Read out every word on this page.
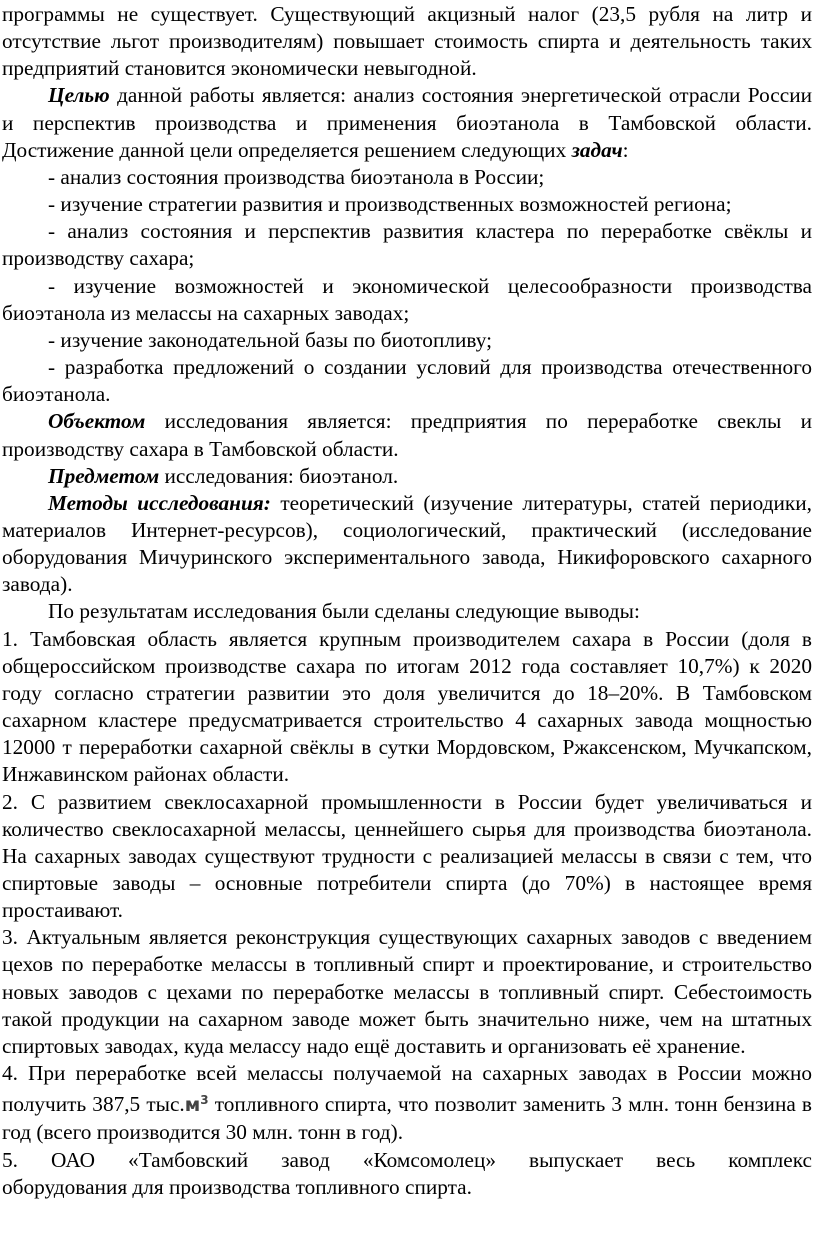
программы не существует. Существующий акцизный налог (23,5 рубля на литр и отсутствие льгот производителям) повышает стоимость спирта и деятельность таких предприятий становится экономически невыгодной.

Целью данной работы является: анализ состояния энергетической отрасли России и перспектив производства и применения биоэтанола в Тамбовской области. Достижение данной цели определяется решением следующих задач:

- анализ состояния производства биоэтанола в России;

- изучение стратегии развития и производственных возможностей региона;

- анализ состояния и перспектив развития кластера по переработке свёклы и производству сахара;

- изучение возможностей и экономической целесообразности производства биоэтанола из мелассы на сахарных заводах;

- изучение законодательной базы по биотопливу;

- разработка предложений о создании условий для производства отечественного биоэтанола.

Объектом исследования является: предприятия по переработке свеклы и производству сахара в Тамбовской области.

Предметом исследования: биоэтанол.

Методы исследования: теоретический (изучение литературы, статей периодики, материалов Интернет-ресурсов), социологический, практический (исследование оборудования Мичуринского экспериментального завода, Никифоровского сахарного завода).

По результатам исследования были сделаны следующие выводы:

1. Тамбовская область является крупным производителем сахара в России (доля в общероссийском производстве сахара по итогам 2012 года составляет 10,7%) к 2020 году согласно стратегии развитии это доля увеличится до 18–20%. В Тамбовском сахарном кластере предусматривается строительство 4 сахарных завода мощностью 12000 т переработки сахарной свёклы в сутки Мордовском, Ржаксенском, Мучкапском, Инжавинском районах области.

2. С развитием свеклосахарной промышленности в России будет увеличиваться и количество свеклосахарной мелассы, ценнейшего сырья для производства биоэтанола. На сахарных заводах существуют трудности с реализацией мелассы в связи с тем, что спиртовые заводы – основные потребители спирта (до 70%) в настоящее время простаивают.

3. Актуальным является реконструкция существующих сахарных заводов с введением цехов по переработке мелассы в топливный спирт и проектирование, и строительство новых заводов с цехами по переработке мелассы в топливный спирт. Себестоимость такой продукции на сахарном заводе может быть значительно ниже, чем на штатных спиртовых заводах, куда мелассу надо ещё доставить и организовать её хранение.

4. При переработке всей мелассы получаемой на сахарных заводах в России можно получить 387,5 $тыс.м^3$ топливного спирта, что позволит заменить 3 млн. тонн бензина в год (всего производится 30 млн. тонн в год).

5. ОАО «Тамбовский завод «Комсомолец» выпускает весь комплекс

оборудования для производства топливного спирта.
